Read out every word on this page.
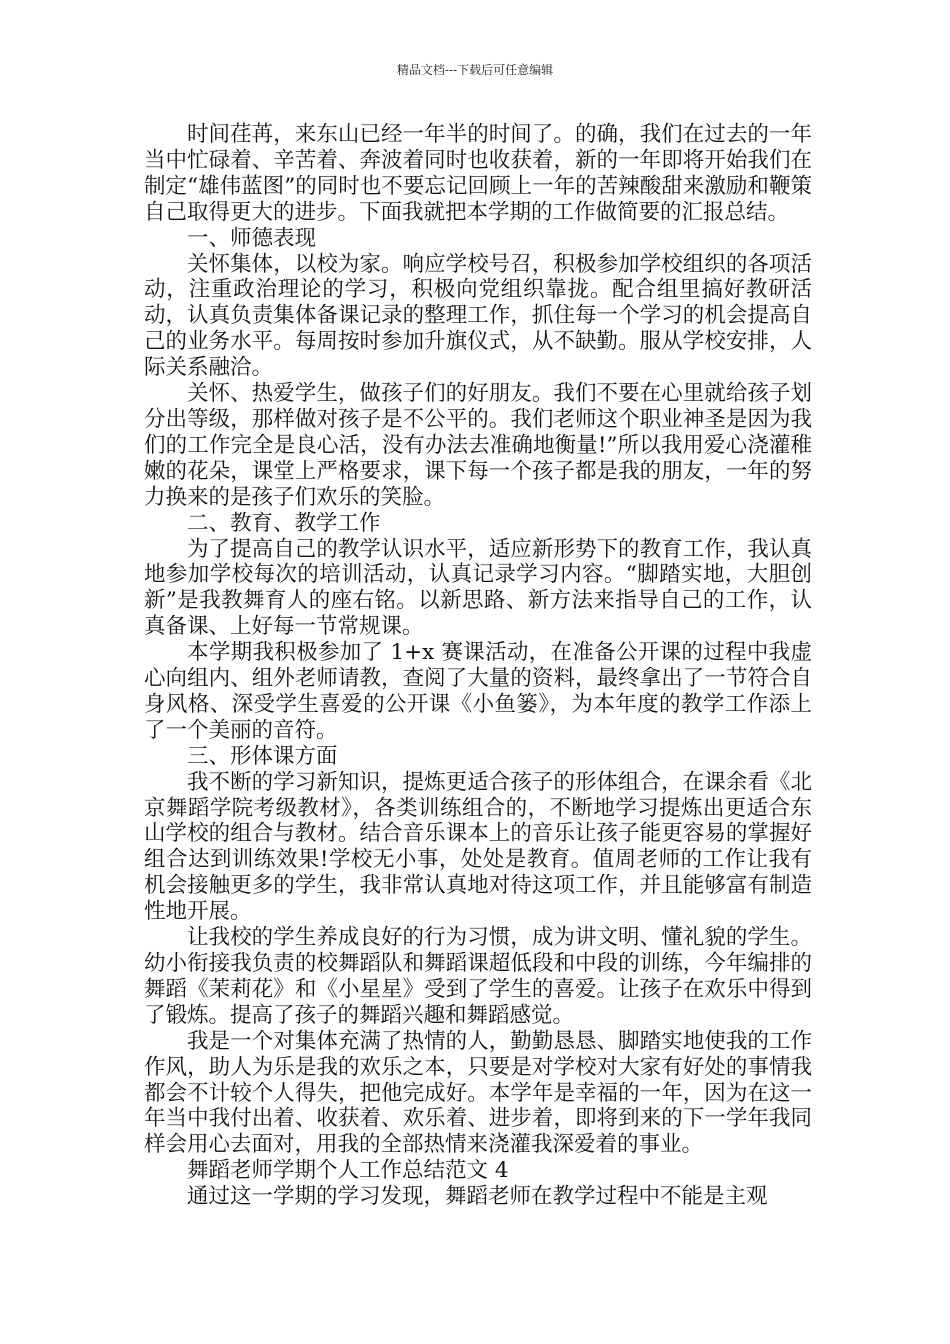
精品文档---下载后可任意编辑

时间荏苒，来东山已经一年半的时间了。的确，我们在过去的一年当中忙碌着、辛苦着、奔波着同时也收获着，新的一年即将开始我们在制定“雄伟蓝图”的同时也不要忘记回顾上一年的苦辣酸甜来激励和鞭策自己取得更大的进步。下面我就把本学期的工作做简要的汇报总结。

一、师德表现

关怀集体，以校为家。响应学校号召，积极参加学校组织的各项活动，注重政治理论的学习，积极向党组织靠拢。配合组里搞好教研活动，认真负责集体备课记录的整理工作，抓住每一个学习的机会提高自己的业务水平。每周按时参加升旗仪式，从不缺勤。服从学校安排，人际关系融洽。

关怀、热爱学生，做孩子们的好朋友。我们不要在心里就给孩子划分出等级，那样做对孩子是不公平的。我们老师这个职业神圣是因为我们的工作完全是良心活，没有办法去准确地衡量!”所以我用爱心浇灌稚嫩的花朵，课堂上严格要求，课下每一个孩子都是我的朋友，一年的努力换来的是孩子们欢乐的笑脸。

二、教育、教学工作

为了提高自己的教学认识水平，适应新形势下的教育工作，我认真地参加学校每次的培训活动，认真记录学习内容。“脚踏实地，大胆创新”是我教舞育人的座右铭。以新思路、新方法来指导自己的工作，认真备课、上好每一节常规课。

本学期我积极参加了 1+x 赛课活动，在准备公开课的过程中我虚心向组内、组外老师请教，查阅了大量的资料，最终拿出了一节符合自身风格、深受学生喜爱的公开课《小鱼篓》，为本年度的教学工作添上了一个美丽的音符。

三、形体课方面

我不断的学习新知识，提炼更适合孩子的形体组合，在课余看《北京舞蹈学院考级教材》，各类训练组合的，不断地学习提炼出更适合东山学校的组合与教材。结合音乐课本上的音乐让孩子能更容易的掌握好组合达到训练效果!学校无小事，处处是教育。值周老师的工作让我有机会接触更多的学生，我非常认真地对待这项工作，并且能够富有制造性地开展。

让我校的学生养成良好的行为习惯，成为讲文明、懂礼貌的学生。幼小衔接我负责的校舞蹈队和舞蹈课超低段和中段的训练，今年编排的舞蹈《茉莉花》和《小星星》受到了学生的喜爱。让孩子在欢乐中得到了锻炼。提高了孩子的舞蹈兴趣和舞蹈感觉。

我是一个对集体充满了热情的人，勤勤恳恳、脚踏实地使我的工作作风，助人为乐是我的欢乐之本，只要是对学校对大家有好处的事情我都会不计较个人得失，把他完成好。本学年是幸福的一年，因为在这一年当中我付出着、收获着、欢乐着、进步着，即将到来的下一学年我同样会用心去面对，用我的全部热情来浇灌我深爱着的事业。

舞蹈老师学期个人工作总结范文 4

通过这一学期的学习发现，舞蹈老师在教学过程中不能是主观
